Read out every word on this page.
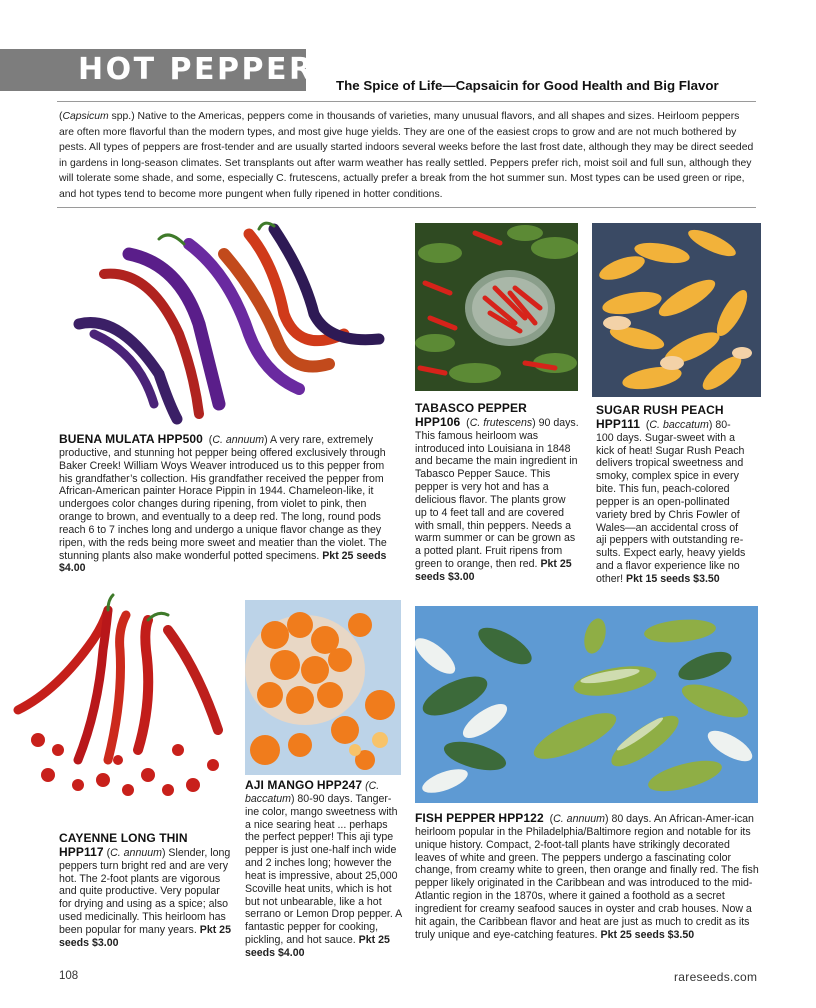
HOT PEPPERS
The Spice of Life—Capsaicin for Good Health and Big Flavor
(Capsicum spp.) Native to the Americas, peppers come in thousands of varieties, many unusual flavors, and all shapes and sizes. Heirloom peppers are often more flavorful than the modern types, and most give huge yields. They are one of the easiest crops to grow and are not much bothered by pests. All types of peppers are frost-tender and are usually started indoors several weeks before the last frost date, although they may be direct seeded in gardens in long-season climates. Set transplants out after warm weather has really settled. Peppers prefer rich, moist soil and full sun, although they will tolerate some shade, and some, especially C. frutescens, actually prefer a break from the hot summer sun. Most types can be used green or ripe, and hot types tend to become more pungent when fully ripened in hotter conditions.
BUENA MULATA HPP500  (C. annuum) A very rare, extremely productive, and stunning hot pepper being offered exclusively through Baker Creek! William Woys Weaver introduced us to this pepper from his grandfather’s collection. His grandfather received the pepper from African-American painter Horace Pippin in 1944. Chameleon-like, it undergoes color changes during ripening, from violet to pink, then orange to brown, and eventually to a deep red. The long, round pods reach 6 to 7 inches long and undergo a unique flavor change as they ripen, with the reds being more sweet and meatier than the violet. The stunning plants also make wonderful potted specimens. Pkt 25 seeds $4.00
TABASCO PEPPER
HPP106  (C. frutescens) 90 days. This famous heirloom was introduced into Louisiana in 1848 and became the main ingredient in Tabasco Pepper Sauce. This pepper is very hot and has a delicious flavor. The plants grow up to 4 feet tall and are covered with small, thin peppers. Needs a warm summer or can be grown as a potted plant. Fruit ripens from green to orange, then red. Pkt 25 seeds $3.00
SUGAR RUSH PEACH
HPP111  (C. baccatum) 80-100 days. Sugar-sweet with a kick of heat! Sugar Rush Peach delivers tropical sweetness and smoky, complex spice in every bite. This fun, peach-colored pepper is an open-pollinated variety bred by Chris Fowler of Wales—an accidental cross of aji peppers with outstanding re-sults. Expect early, heavy yields and a flavor experience like no other! Pkt 15 seeds $3.50
CAYENNE LONG THIN
HPP117 (C. annuum) Slender, long peppers turn bright red and are very hot. The 2-foot plants are vigorous and quite productive. Very popular for drying and using as a spice; also used medicinally. This heirloom has been popular for many years. Pkt 25 seeds $3.00
AJI MANGO HPP247 (C. baccatum) 80-90 days. Tanger-ine color, mango sweetness with a nice searing heat ... perhaps the perfect pepper! This aji type pepper is just one-half inch wide and 2 inches long; however the heat is impressive, about 25,000 Scoville heat units, which is hot but not unbearable, like a hot serrano or Lemon Drop pepper. A fantastic pepper for cooking, pickling, and hot sauce. Pkt 25 seeds $4.00
FISH PEPPER HPP122  (C. annuum) 80 days. An African-Amer-ican heirloom popular in the Philadelphia/Baltimore region and notable for its unique history. Compact, 2-foot-tall plants have strikingly decorated leaves of white and green. The peppers undergo a fascinating color change, from creamy white to green, then orange and finally red. The fish pepper likely originated in the Caribbean and was introduced to the mid-Atlantic region in the 1870s, where it gained a foothold as a secret ingredient for creamy seafood sauces in oyster and crab houses. Now a hit again, the Caribbean flavor and heat are just as much to credit as its truly unique and eye-catching features. Pkt 25 seeds $3.50
108	rareseeds.com
